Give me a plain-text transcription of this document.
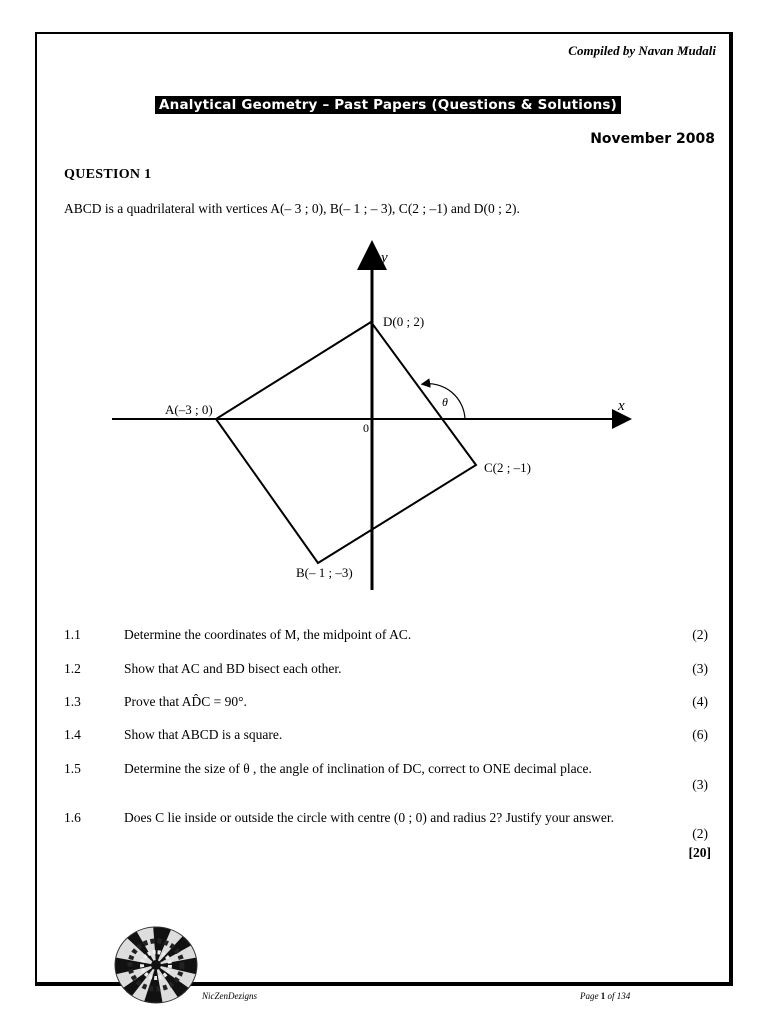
Compiled by Navan Mudali
Analytical Geometry – Past Papers (Questions & Solutions)
November 2008
QUESTION 1
ABCD is a quadrilateral with vertices A(– 3 ; 0), B(– 1 ; – 3), C(2 ; –1) and D(0 ; 2).
y
x
0
θ
A(–3 ; 0)
B(– 1 ; –3)
C(2 ; –1)
D(0 ; 2)
1.1	Determine the coordinates of M, the midpoint of AC.	(2)
1.2	Show that AC and BD bisect each other.	(3)
1.3	Prove that AD̂C = 90°.	(4)
1.4	Show that ABCD is a square.	(6)
1.5	Determine the size of θ , the angle of inclination of DC, correct to ONE decimal place.
(3)
1.6	Does C lie inside or outside the circle with centre (0 ; 0) and radius 2? Justify your answer.
(2)
[20]
NicZenDezigns	Page 1 of 134
